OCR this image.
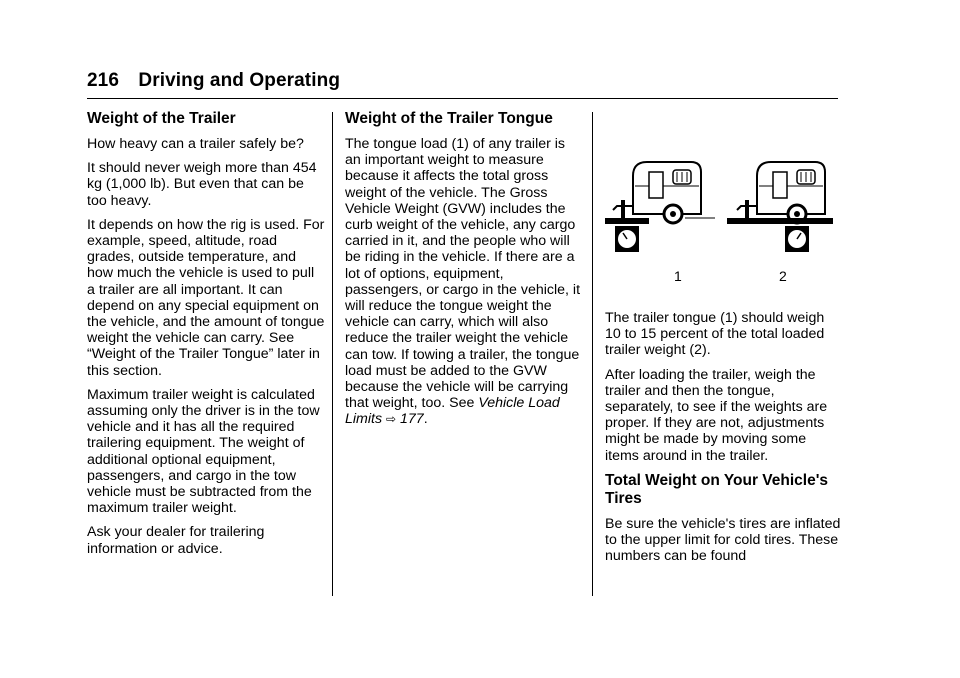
216 Driving and Operating
Weight of the Trailer

How heavy can a trailer safely be?

It should never weigh more than 454 kg (1,000 lb). But even that can be too heavy.

It depends on how the rig is used. For example, speed, altitude, road grades, outside temperature, and how much the vehicle is used to pull a trailer are all important. It can depend on any special equipment on the vehicle, and the amount of tongue weight the vehicle can carry. See “Weight of the Trailer Tongue” later in this section.

Maximum trailer weight is calculated assuming only the driver is in the tow vehicle and it has all the required trailering equipment. The weight of additional optional equipment, passengers, and cargo in the tow vehicle must be subtracted from the maximum trailer weight.

Ask your dealer for trailering information or advice.

Weight of the Trailer Tongue

The tongue load (1) of any trailer is an important weight to measure because it affects the total gross weight of the vehicle. The Gross Vehicle Weight (GVW) includes the curb weight of the vehicle, any cargo carried in it, and the people who will be riding in the vehicle. If there are a lot of options, equipment, passengers, or cargo in the vehicle, it will reduce the tongue weight the vehicle can carry, which will also reduce the trailer weight the vehicle can tow. If towing a trailer, the tongue load must be added to the GVW because the vehicle will be carrying that weight, too. See Vehicle Load Limits ⇨ 177.

1	2

The trailer tongue (1) should weigh 10 to 15 percent of the total loaded trailer weight (2).

After loading the trailer, weigh the trailer and then the tongue, separately, to see if the weights are proper. If they are not, adjustments might be made by moving some items around in the trailer.

Total Weight on Your Vehicle's Tires

Be sure the vehicle's tires are inflated to the upper limit for cold tires. These numbers can be found
